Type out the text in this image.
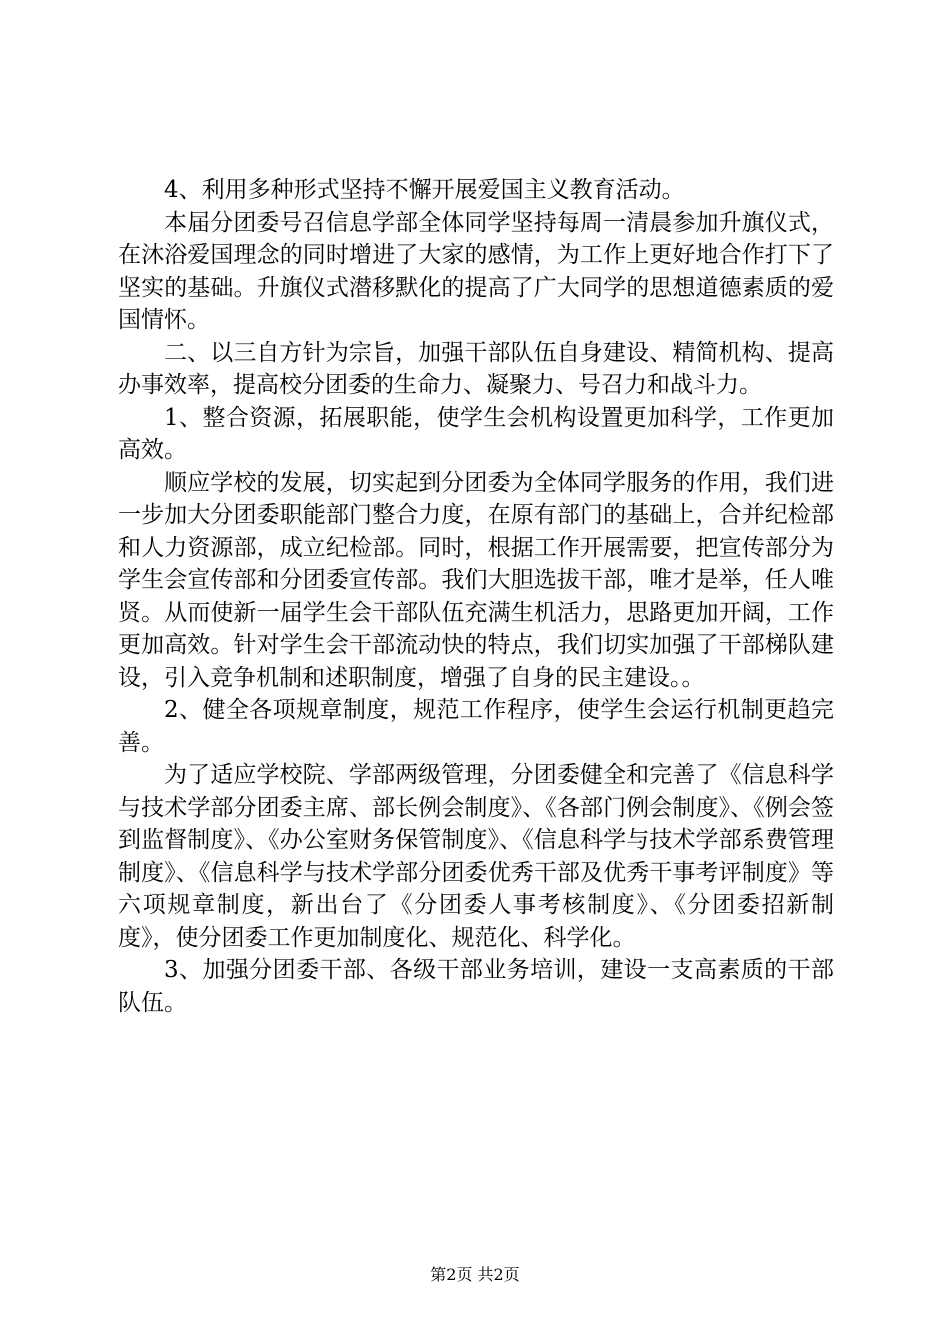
4、利用多种形式坚持不懈开展爱国主义教育活动。

本届分团委号召信息学部全体同学坚持每周一清晨参加升旗仪式，在沐浴爱国理念的同时增进了大家的感情，为工作上更好地合作打下了坚实的基础。升旗仪式潜移默化的提高了广大同学的思想道德素质的爱国情怀。

二、以三自方针为宗旨，加强干部队伍自身建设、精简机构、提高办事效率，提高校分团委的生命力、凝聚力、号召力和战斗力。

1、整合资源，拓展职能，使学生会机构设置更加科学，工作更加高效。

顺应学校的发展，切实起到分团委为全体同学服务的作用，我们进一步加大分团委职能部门整合力度，在原有部门的基础上，合并纪检部和人力资源部，成立纪检部。同时，根据工作开展需要，把宣传部分为学生会宣传部和分团委宣传部。我们大胆选拔干部，唯才是举，任人唯贤。从而使新一届学生会干部队伍充满生机活力，思路更加开阔，工作更加高效。针对学生会干部流动快的特点，我们切实加强了干部梯队建设，引入竞争机制和述职制度，增强了自身的民主建设。。

2、健全各项规章制度，规范工作程序，使学生会运行机制更趋完善。

为了适应学校院、学部两级管理，分团委健全和完善了《信息科学与技术学部分团委主席、部长例会制度》、《各部门例会制度》、《例会签到监督制度》、《办公室财务保管制度》、《信息科学与技术学部系费管理制度》、《信息科学与技术学部分团委优秀干部及优秀干事考评制度》等六项规章制度，新出台了《分团委人事考核制度》、《分团委招新制度》，使分团委工作更加制度化、规范化、科学化。

3、加强分团委干部、各级干部业务培训，建设一支高素质的干部队伍。

第2页 共2页
